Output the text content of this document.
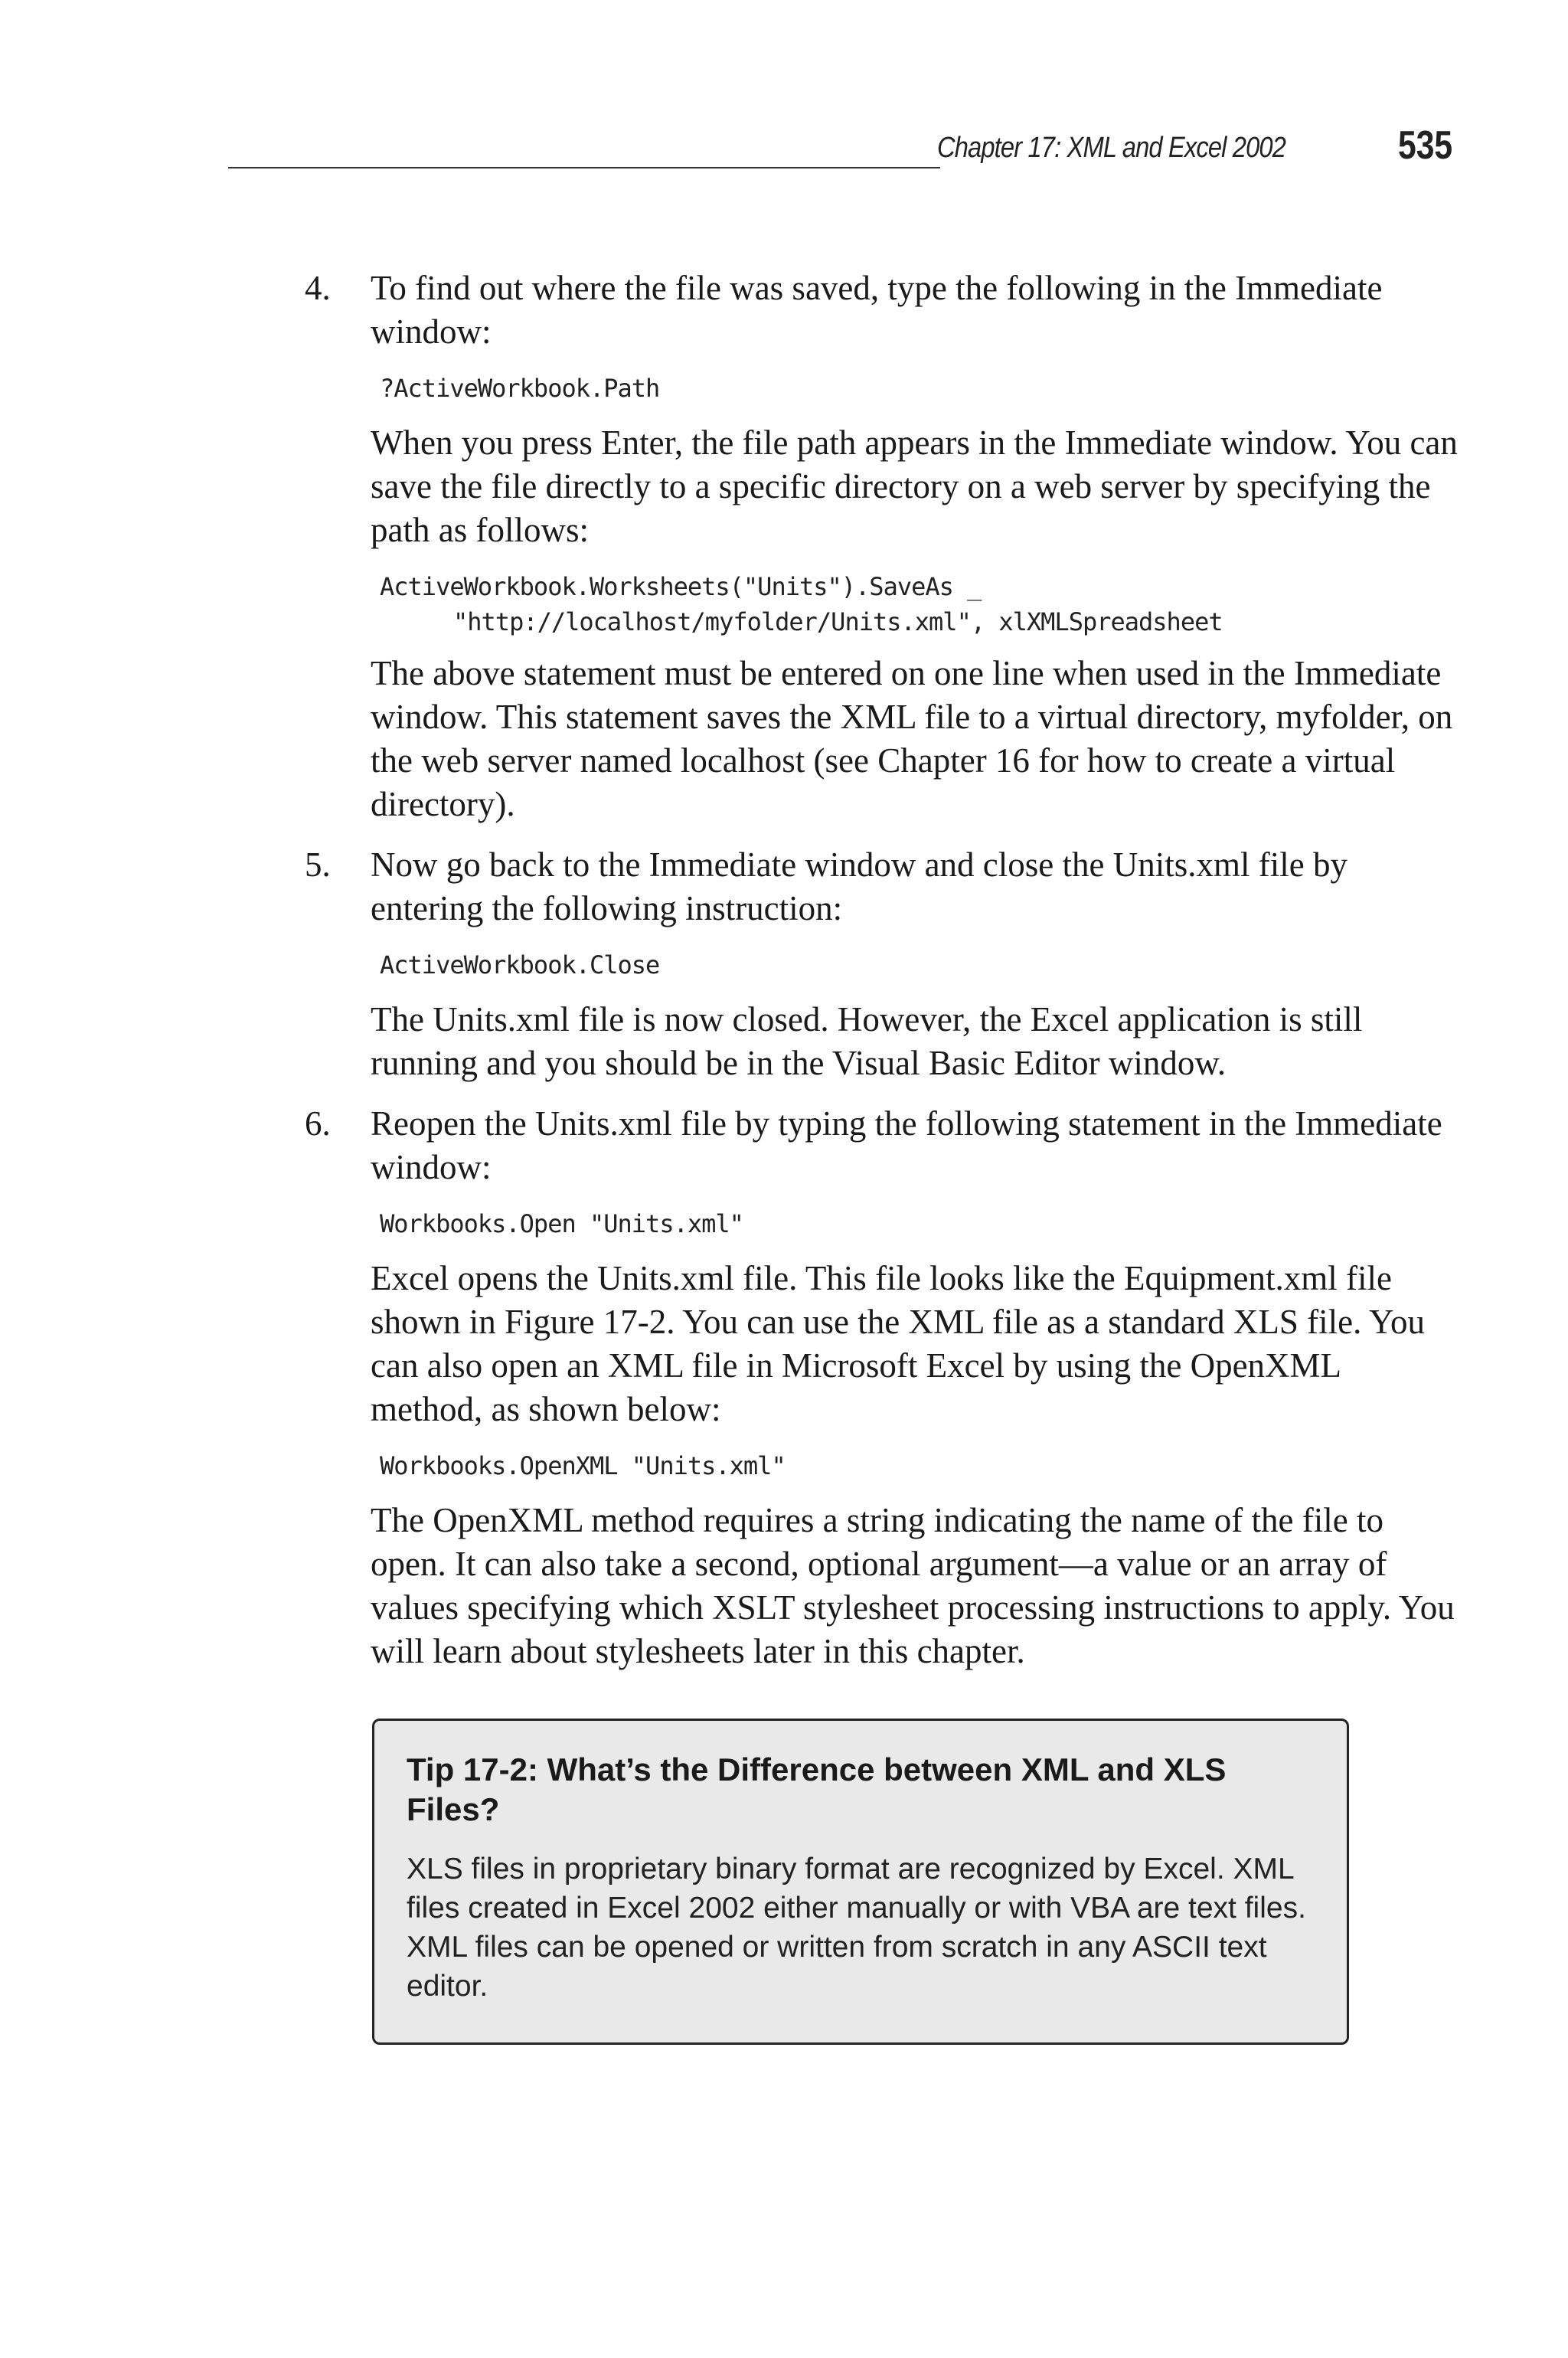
Chapter 17: XML and Excel 2002	535
4. To find out where the file was saved, type the following in the Immediate window:

?ActiveWorkbook.Path

When you press Enter, the file path appears in the Immediate window. You can save the file directly to a specific directory on a web server by specifying the path as follows:

ActiveWorkbook.Worksheets("Units").SaveAs _
"http://localhost/myfolder/Units.xml", xlXMLSpreadsheet

The above statement must be entered on one line when used in the Immediate window. This statement saves the XML file to a virtual directory, myfolder, on the web server named localhost (see Chapter 16 for how to create a virtual directory).

5. Now go back to the Immediate window and close the Units.xml file by entering the following instruction:

ActiveWorkbook.Close

The Units.xml file is now closed. However, the Excel application is still running and you should be in the Visual Basic Editor window.

6. Reopen the Units.xml file by typing the following statement in the Immediate window:

Workbooks.Open "Units.xml"

Excel opens the Units.xml file. This file looks like the Equipment.xml file shown in Figure 17-2. You can use the XML file as a standard XLS file. You can also open an XML file in Microsoft Excel by using the OpenXML method, as shown below:

Workbooks.OpenXML "Units.xml"

The OpenXML method requires a string indicating the name of the file to open. It can also take a second, optional argument—a value or an array of values specifying which XSLT stylesheet processing instructions to apply. You will learn about stylesheets later in this chapter.

Tip 17-2: What’s the Difference between XML and XLS Files?

XLS files in proprietary binary format are recognized by Excel. XML files created in Excel 2002 either manually or with VBA are text files. XML files can be opened or written from scratch in any ASCII text editor.
